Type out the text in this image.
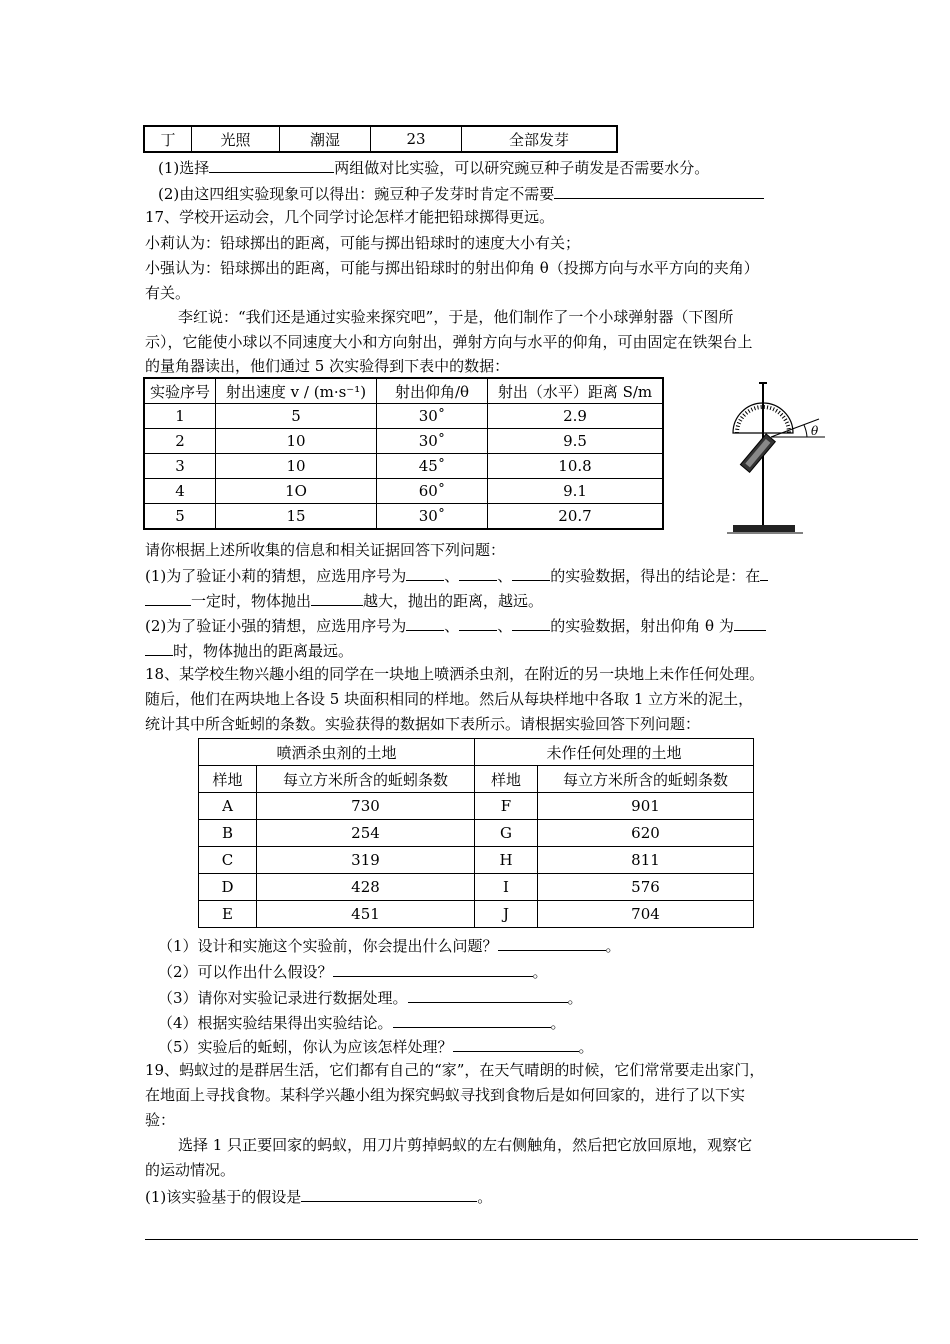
丁	光照	潮湿	23	全部发芽
(1)选择	两组做对比实验，可以研究豌豆种子萌发是否需要水分。
(2)由这四组实验现象可以得出：豌豆种子发芽时肯定不需要
17、学校开运动会，几个同学讨论怎样才能把铅球掷得更远。
小莉认为：铅球掷出的距离，可能与掷出铅球时的速度大小有关；
小强认为：铅球掷出的距离，可能与掷出铅球时的射出仰角 θ（投掷方向与水平方向的夹角）
有关。
李红说：“我们还是通过实验来探究吧”，于是，他们制作了一个小球弹射器（下图所
示），它能使小球以不同速度大小和方向射出，弹射方向与水平的仰角，可由固定在铁架台上
的量角器读出，他们通过 5 次实验得到下表中的数据：
实验序号	射出速度 v / (m·s⁻¹)	射出仰角/θ	射出（水平）距离 S/m
1	5	30˚	2.9
2	10	30˚	9.5
3	10	45˚	10.8
4	1O	60˚	9.1
5	15	30˚	20.7
θ
请你根据上述所收集的信息和相关证据回答下列问题：
(1)为了验证小莉的猜想，应选用序号为	、	、	的实验数据，得出的结论是：在
一定时，物体抛出	越大，抛出的距离，越远。
(2)为了验证小强的猜想，应选用序号为	、	、	的实验数据，射出仰角 θ 为
时，物体抛出的距离最远。
18、某学校生物兴趣小组的同学在一块地上喷洒杀虫剂，在附近的另一块地上未作任何处理。
随后，他们在两块地上各设 5 块面积相同的样地。然后从每块样地中各取 1 立方米的泥土，
统计其中所含蚯蚓的条数。实验获得的数据如下表所示。请根据实验回答下列问题：
喷洒杀虫剂的土地		未作任何处理的土地	
样地	每立方米所含的蚯蚓条数	样地	每立方米所含的蚯蚓条数
A	730	F	901
B	254	G	620
C	319	H	811
D	428	I	576
E	451	J	704
（1）设计和实施这个实验前，你会提出什么问题？	。
（2）可以作出什么假设？	。
（3）请你对实验记录进行数据处理。	。
（4）根据实验结果得出实验结论。	。
（5）实验后的蚯蚓，你认为应该怎样处理？	。
19、蚂蚁过的是群居生活，它们都有自己的“家”，在天气晴朗的时候，它们常常要走出家门，
在地面上寻找食物。某科学兴趣小组为探究蚂蚁寻找到食物后是如何回家的，进行了以下实
验：
选择 1 只正要回家的蚂蚁，用刀片剪掉蚂蚁的左右侧触角，然后把它放回原地，观察它
的运动情况。
(1)该实验基于的假设是	。
